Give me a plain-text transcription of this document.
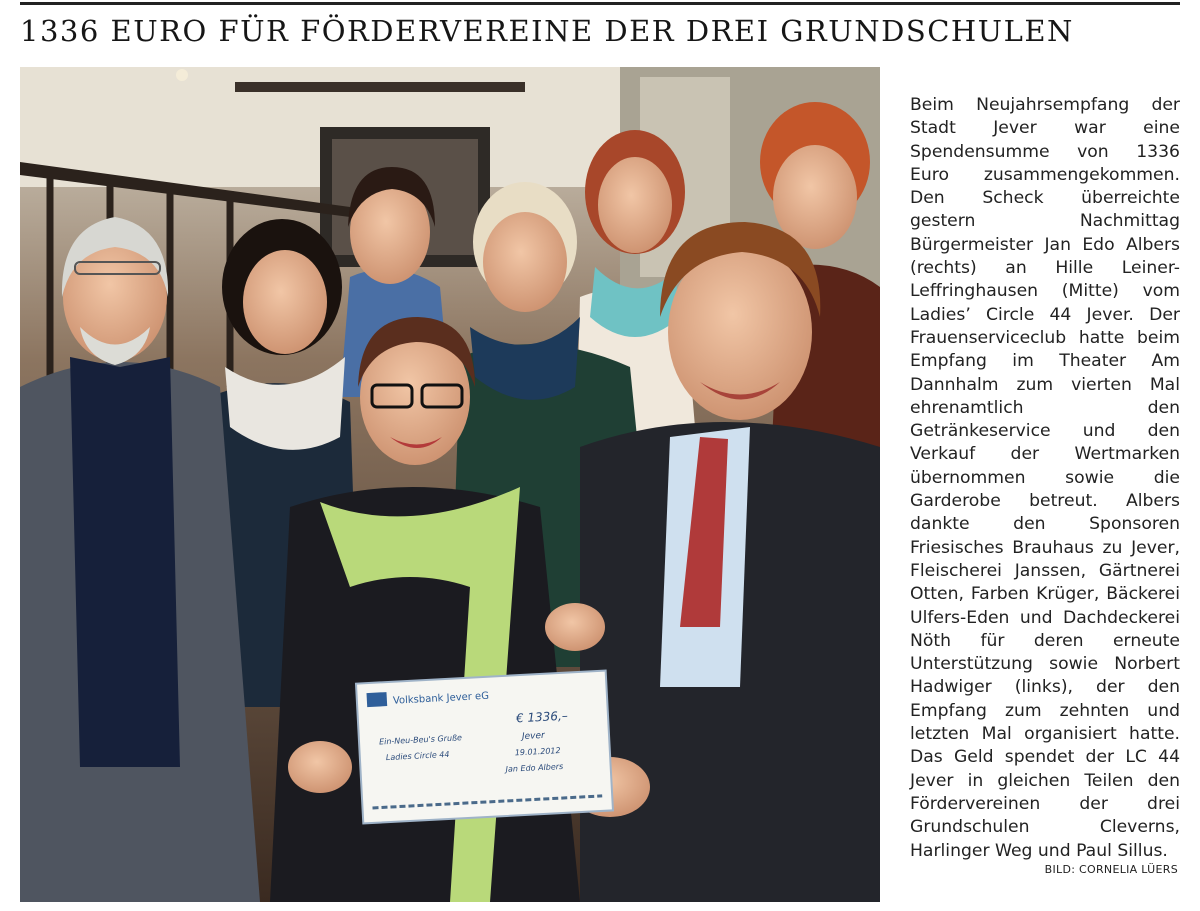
1336 EURO FÜR FÖRDERVEREINE DER DREI GRUNDSCHULEN
Volksbank Jever eG
€ 1336,–
Jever
19.01.2012
Jan Edo Albers
Ein-Neu-Beu's Gruße
Ladies Circle 44
Beim Neujahrsempfang der Stadt Jever war eine Spendensumme von 1336 Euro zusammengekommen. Den Scheck überreichte gestern Nachmittag Bürgermeister Jan Edo Albers (rechts) an Hille Leiner-Leffringhausen (Mitte) vom Ladies’ Circle 44 Jever. Der Frauenserviceclub hatte beim Empfang im Theater Am Dannhalm zum vierten Mal ehrenamtlich den Getränkeservice und den Verkauf der Wertmarken übernommen sowie die Garderobe betreut. Albers dankte den Sponsoren Friesisches Brauhaus zu Jever, Fleischerei Janssen, Gärtnerei Otten, Farben Krüger, Bäckerei Ulfers-Eden und Dachdeckerei Nöth für deren erneute Unterstützung sowie Norbert Hadwiger (links), der den Empfang zum zehnten und letzten Mal organisiert hatte. Das Geld spendet der LC 44 Jever in gleichen Teilen den Fördervereinen der drei Grundschulen Cleverns, Harlinger Weg und Paul Sillus.
BILD: CORNELIA LÜERS
